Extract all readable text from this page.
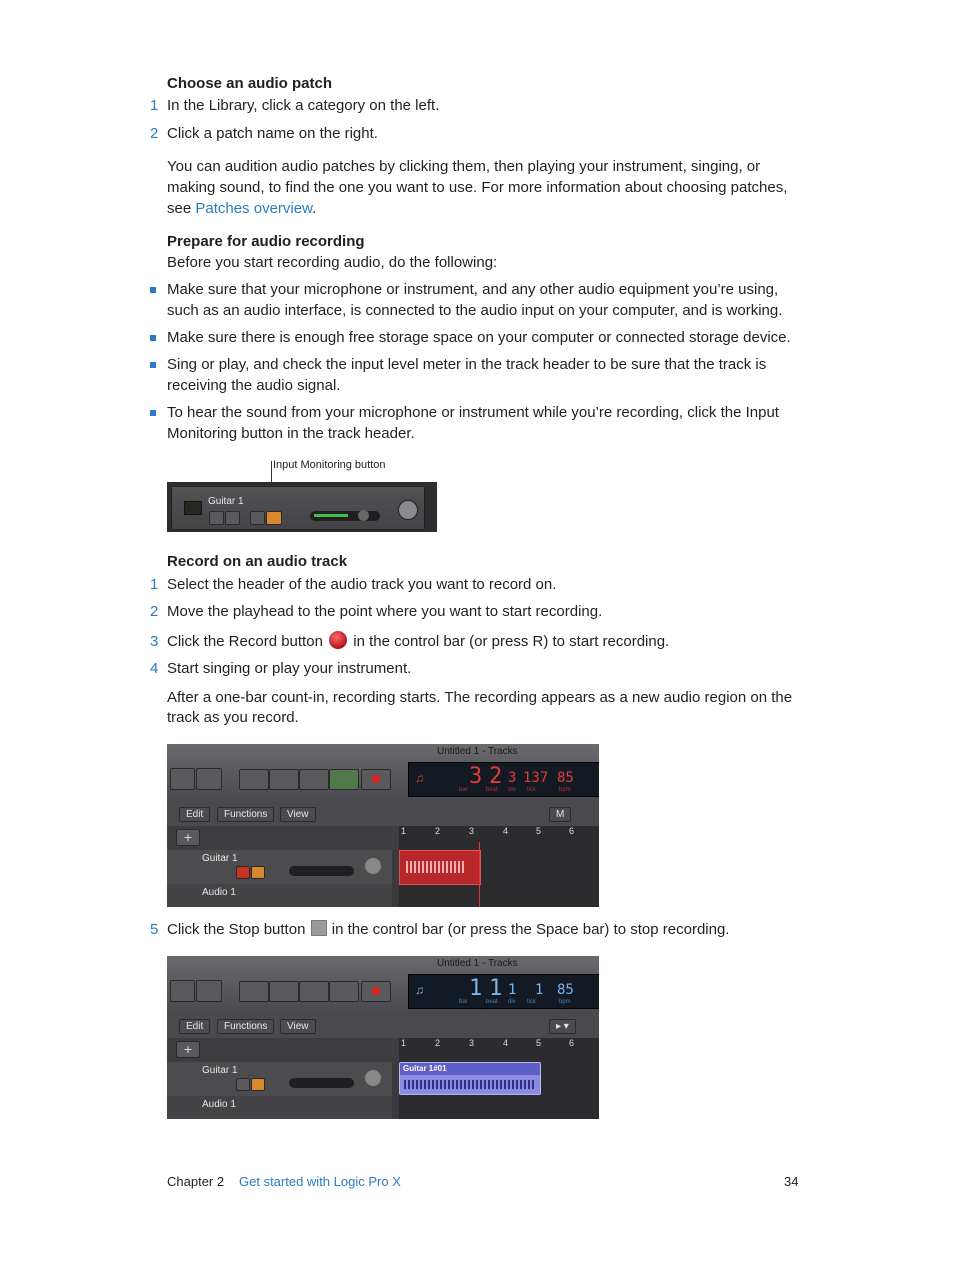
Choose an audio patch
1 In the Library, click a category on the left.
2 Click a patch name on the right.
You can audition audio patches by clicking them, then playing your instrument, singing, or
making sound, to find the one you want to use. For more information about choosing patches,
see Patches overview.
Prepare for audio recording
Before you start recording audio, do the following:
Make sure that your microphone or instrument, and any other audio equipment you’re using,
such as an audio interface, is connected to the audio input on your computer, and is working.
Make sure there is enough free storage space on your computer or connected storage device.
Sing or play, and check the input level meter in the track header to be sure that the track is
receiving the audio signal.
To hear the sound from your microphone or instrument while you’re recording, click the Input
Monitoring button in the track header.
Input Monitoring button
Guitar 1
Record on an audio track
1 Select the header of the audio track you want to record on.
2 Move the playhead to the point where you want to start recording.
3 Click the Record button in the control bar (or press R) to start recording.
4 Start singing or play your instrument.
After a one-bar count-in, recording starts. The recording appears as a new audio region on the
track as you record.
Untitled 1 - Tracks
♫ 3 2 3 137 85
bar	beat div tick	bpm
Edit	Functions	View	M
+	1	2	3	4	5	6
Guitar 1
Audio 1
5 Click the Stop button in the control bar (or press the Space bar) to stop recording.
Untitled 1 - Tracks
♫ 1 1 1 1 85
bar	beat div tick	bpm
Edit	Functions	View	▸ ▾
+	1	2	3	4	5	6
Guitar 1
Audio 1
Guitar 1#01
Chapter 2 Get started with Logic Pro X	34
